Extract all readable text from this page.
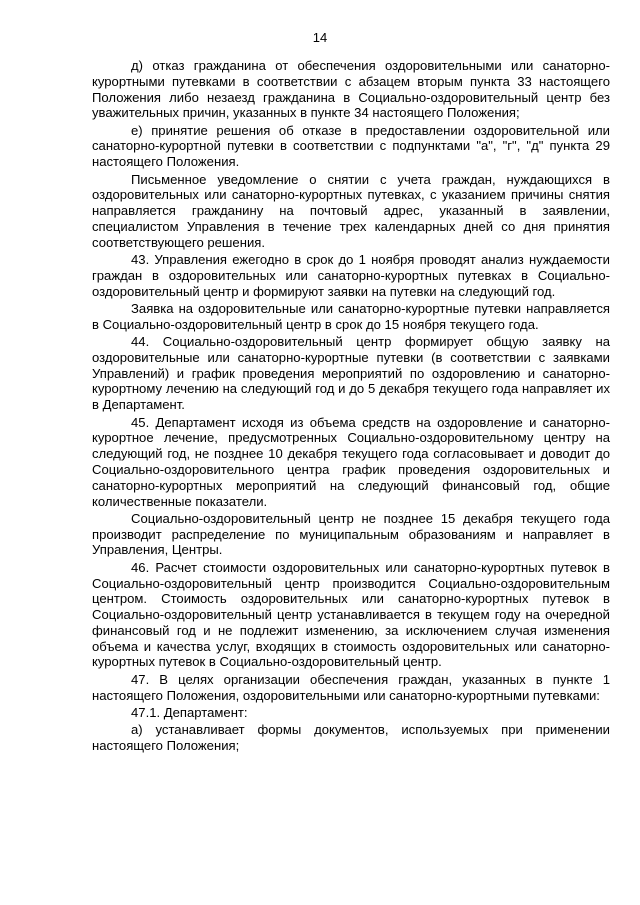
14

д) отказ гражданина от обеспечения оздоровительными или санаторно-курортными путевками в соответствии с абзацем вторым пункта 33 настоящего Положения либо незаезд гражданина в Социально-оздоровительный центр без уважительных причин, указанных в пункте 34 настоящего Положения;

е) принятие решения об отказе в предоставлении оздоровительной или санаторно-курортной путевки в соответствии с подпунктами "а", "г", "д" пункта 29 настоящего Положения.

Письменное уведомление о снятии с учета граждан, нуждающихся в оздоровительных или санаторно-курортных путевках, с указанием причины снятия направляется гражданину на почтовый адрес, указанный в заявлении, специалистом Управления в течение трех календарных дней со дня принятия соответствующего решения.

43. Управления ежегодно в срок до 1 ноября проводят анализ нуждаемости граждан в оздоровительных или санаторно-курортных путевках в Социально-оздоровительный центр и формируют заявки на путевки на следующий год.

Заявка на оздоровительные или санаторно-курортные путевки направляется в Социально-оздоровительный центр в срок до 15 ноября текущего года.

44. Социально-оздоровительный центр формирует общую заявку на оздоровительные или санаторно-курортные путевки (в соответствии с заявками Управлений) и график проведения мероприятий по оздоровлению и санаторно-курортному лечению на следующий год и до 5 декабря текущего года направляет их в Департамент.

45. Департамент исходя из объема средств на оздоровление и санаторно-курортное лечение, предусмотренных Социально-оздоровительному центру на следующий год, не позднее 10 декабря текущего года согласовывает и доводит до Социально-оздоровительного центра график проведения оздоровительных и санаторно-курортных мероприятий на следующий финансовый год, общие количественные показатели.

Социально-оздоровительный центр не позднее 15 декабря текущего года производит распределение по муниципальным образованиям и направляет в Управления, Центры.

46. Расчет стоимости оздоровительных или санаторно-курортных путевок в Социально-оздоровительный центр производится Социально-оздоровительным центром. Стоимость оздоровительных или санаторно-курортных путевок в Социально-оздоровительный центр устанавливается в текущем году на очередной финансовый год и не подлежит изменению, за исключением случая изменения объема и качества услуг, входящих в стоимость оздоровительных или санаторно-курортных путевок в Социально-оздоровительный центр.

47. В целях организации обеспечения граждан, указанных в пункте 1 настоящего Положения, оздоровительными или санаторно-курортными путевками:

47.1. Департамент:

а) устанавливает формы документов, используемых при применении настоящего Положения;
